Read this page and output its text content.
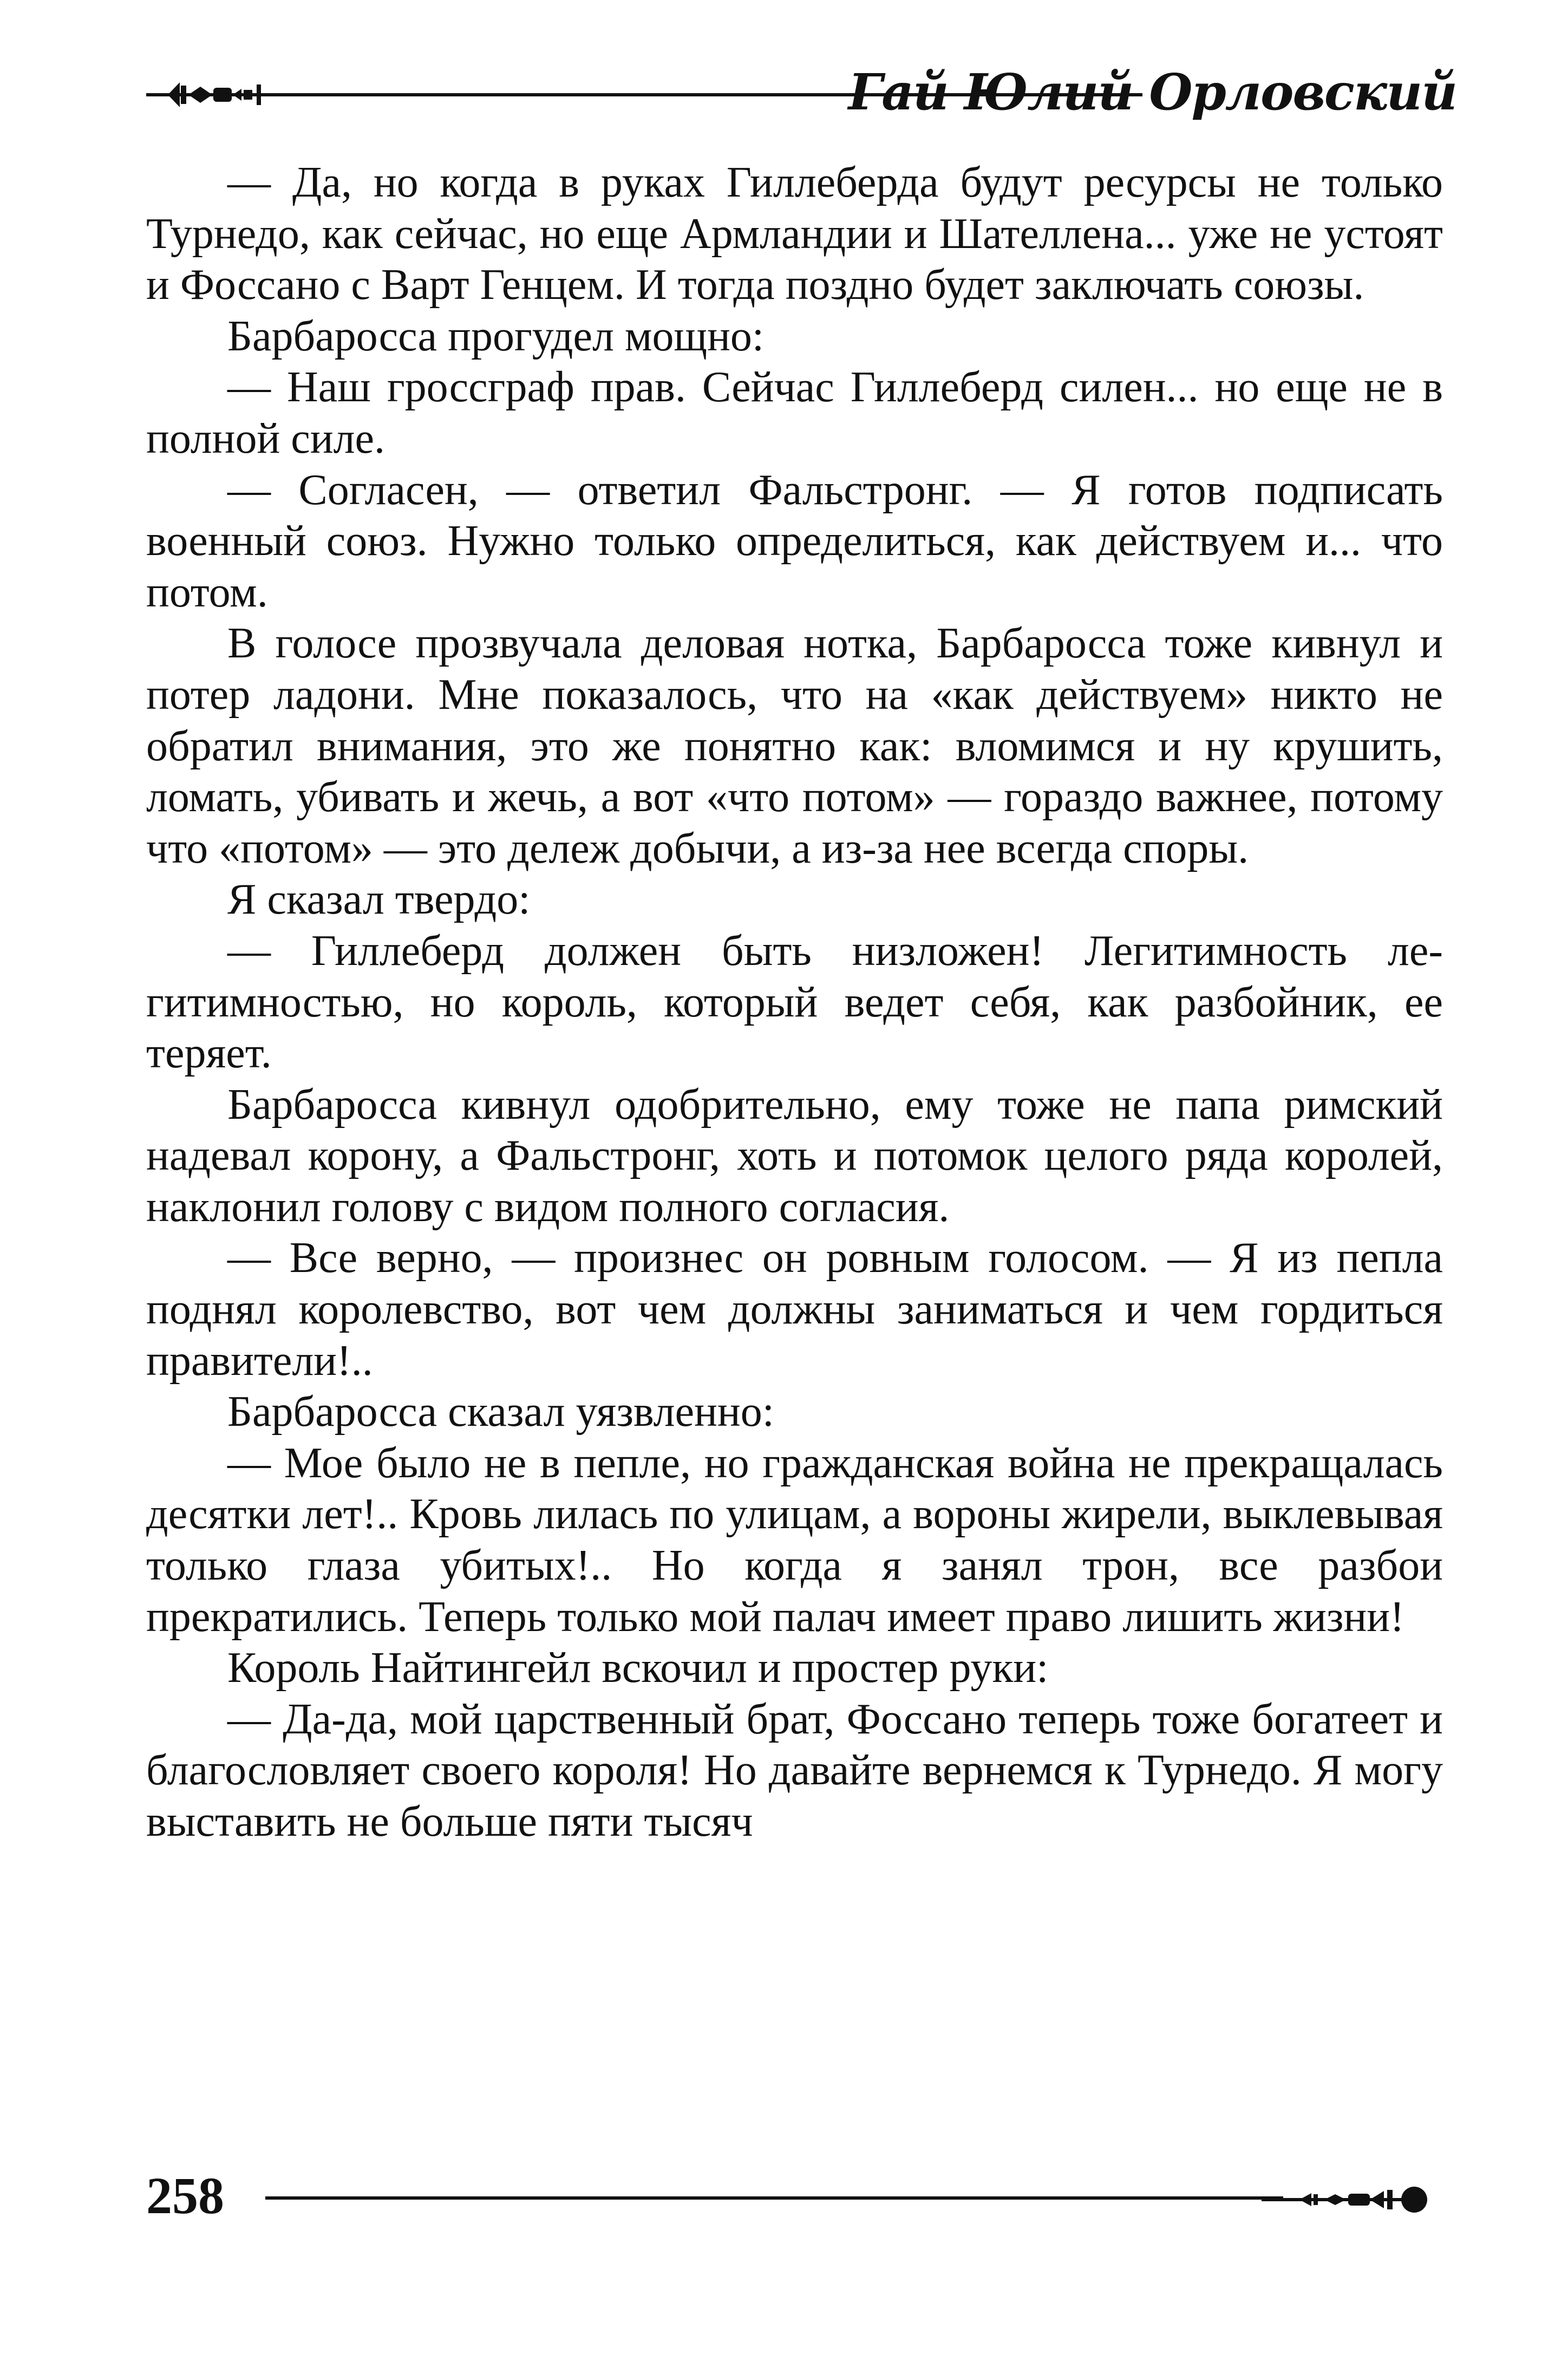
Гай Юлий Орловский

— Да, но когда в руках Гиллеберда будут ресурсы не только Турнедо, как сейчас, но еще Армландии и Шателлена... уже не устоят и Фоссано с Варт Генцем. И тогда поздно будет заключать союзы.

Барбаросса прогудел мощно:

— Наш гроссграф прав. Сейчас Гиллеберд силен... но еще не в полной силе.

— Согласен, — ответил Фальстронг. — Я готов подписать военный союз. Нужно только определиться, как действуем и... что потом.

В голосе прозвучала деловая нотка, Барбаросса тоже кивнул и потер ладони. Мне показалось, что на «как действуем» никто не обратил внимания, это же понятно как: вломимся и ну крушить, ломать, убивать и жечь, а вот «что потом» — гораздо важнее, потому что «потом» — это дележ добычи, а из-за нее всегда споры.

Я сказал твердо:

— Гиллеберд должен быть низложен! Легитимность легитимностью, но король, который ведет себя, как разбойник, ее теряет.

Барбаросса кивнул одобрительно, ему тоже не папа римский надевал корону, а Фальстронг, хоть и потомок целого ряда королей, наклонил голову с видом полного согласия.

— Все верно, — произнес он ровным голосом. — Я из пепла поднял королевство, вот чем должны заниматься и чем гордиться правители!..

Барбаросса сказал уязвленно:

— Мое было не в пепле, но гражданская война не прекращалась десятки лет!.. Кровь лилась по улицам, а вороны жирели, выклевывая только глаза убитых!.. Но когда я занял трон, все разбои прекратились. Теперь только мой палач имеет право лишить жизни!

Король Найтингейл вскочил и простер руки:

— Да-да, мой царственный брат, Фоссано теперь тоже богатеет и благословляет своего короля! Но давайте вернемся к Турнедо. Я могу выставить не больше пяти тысяч

258
